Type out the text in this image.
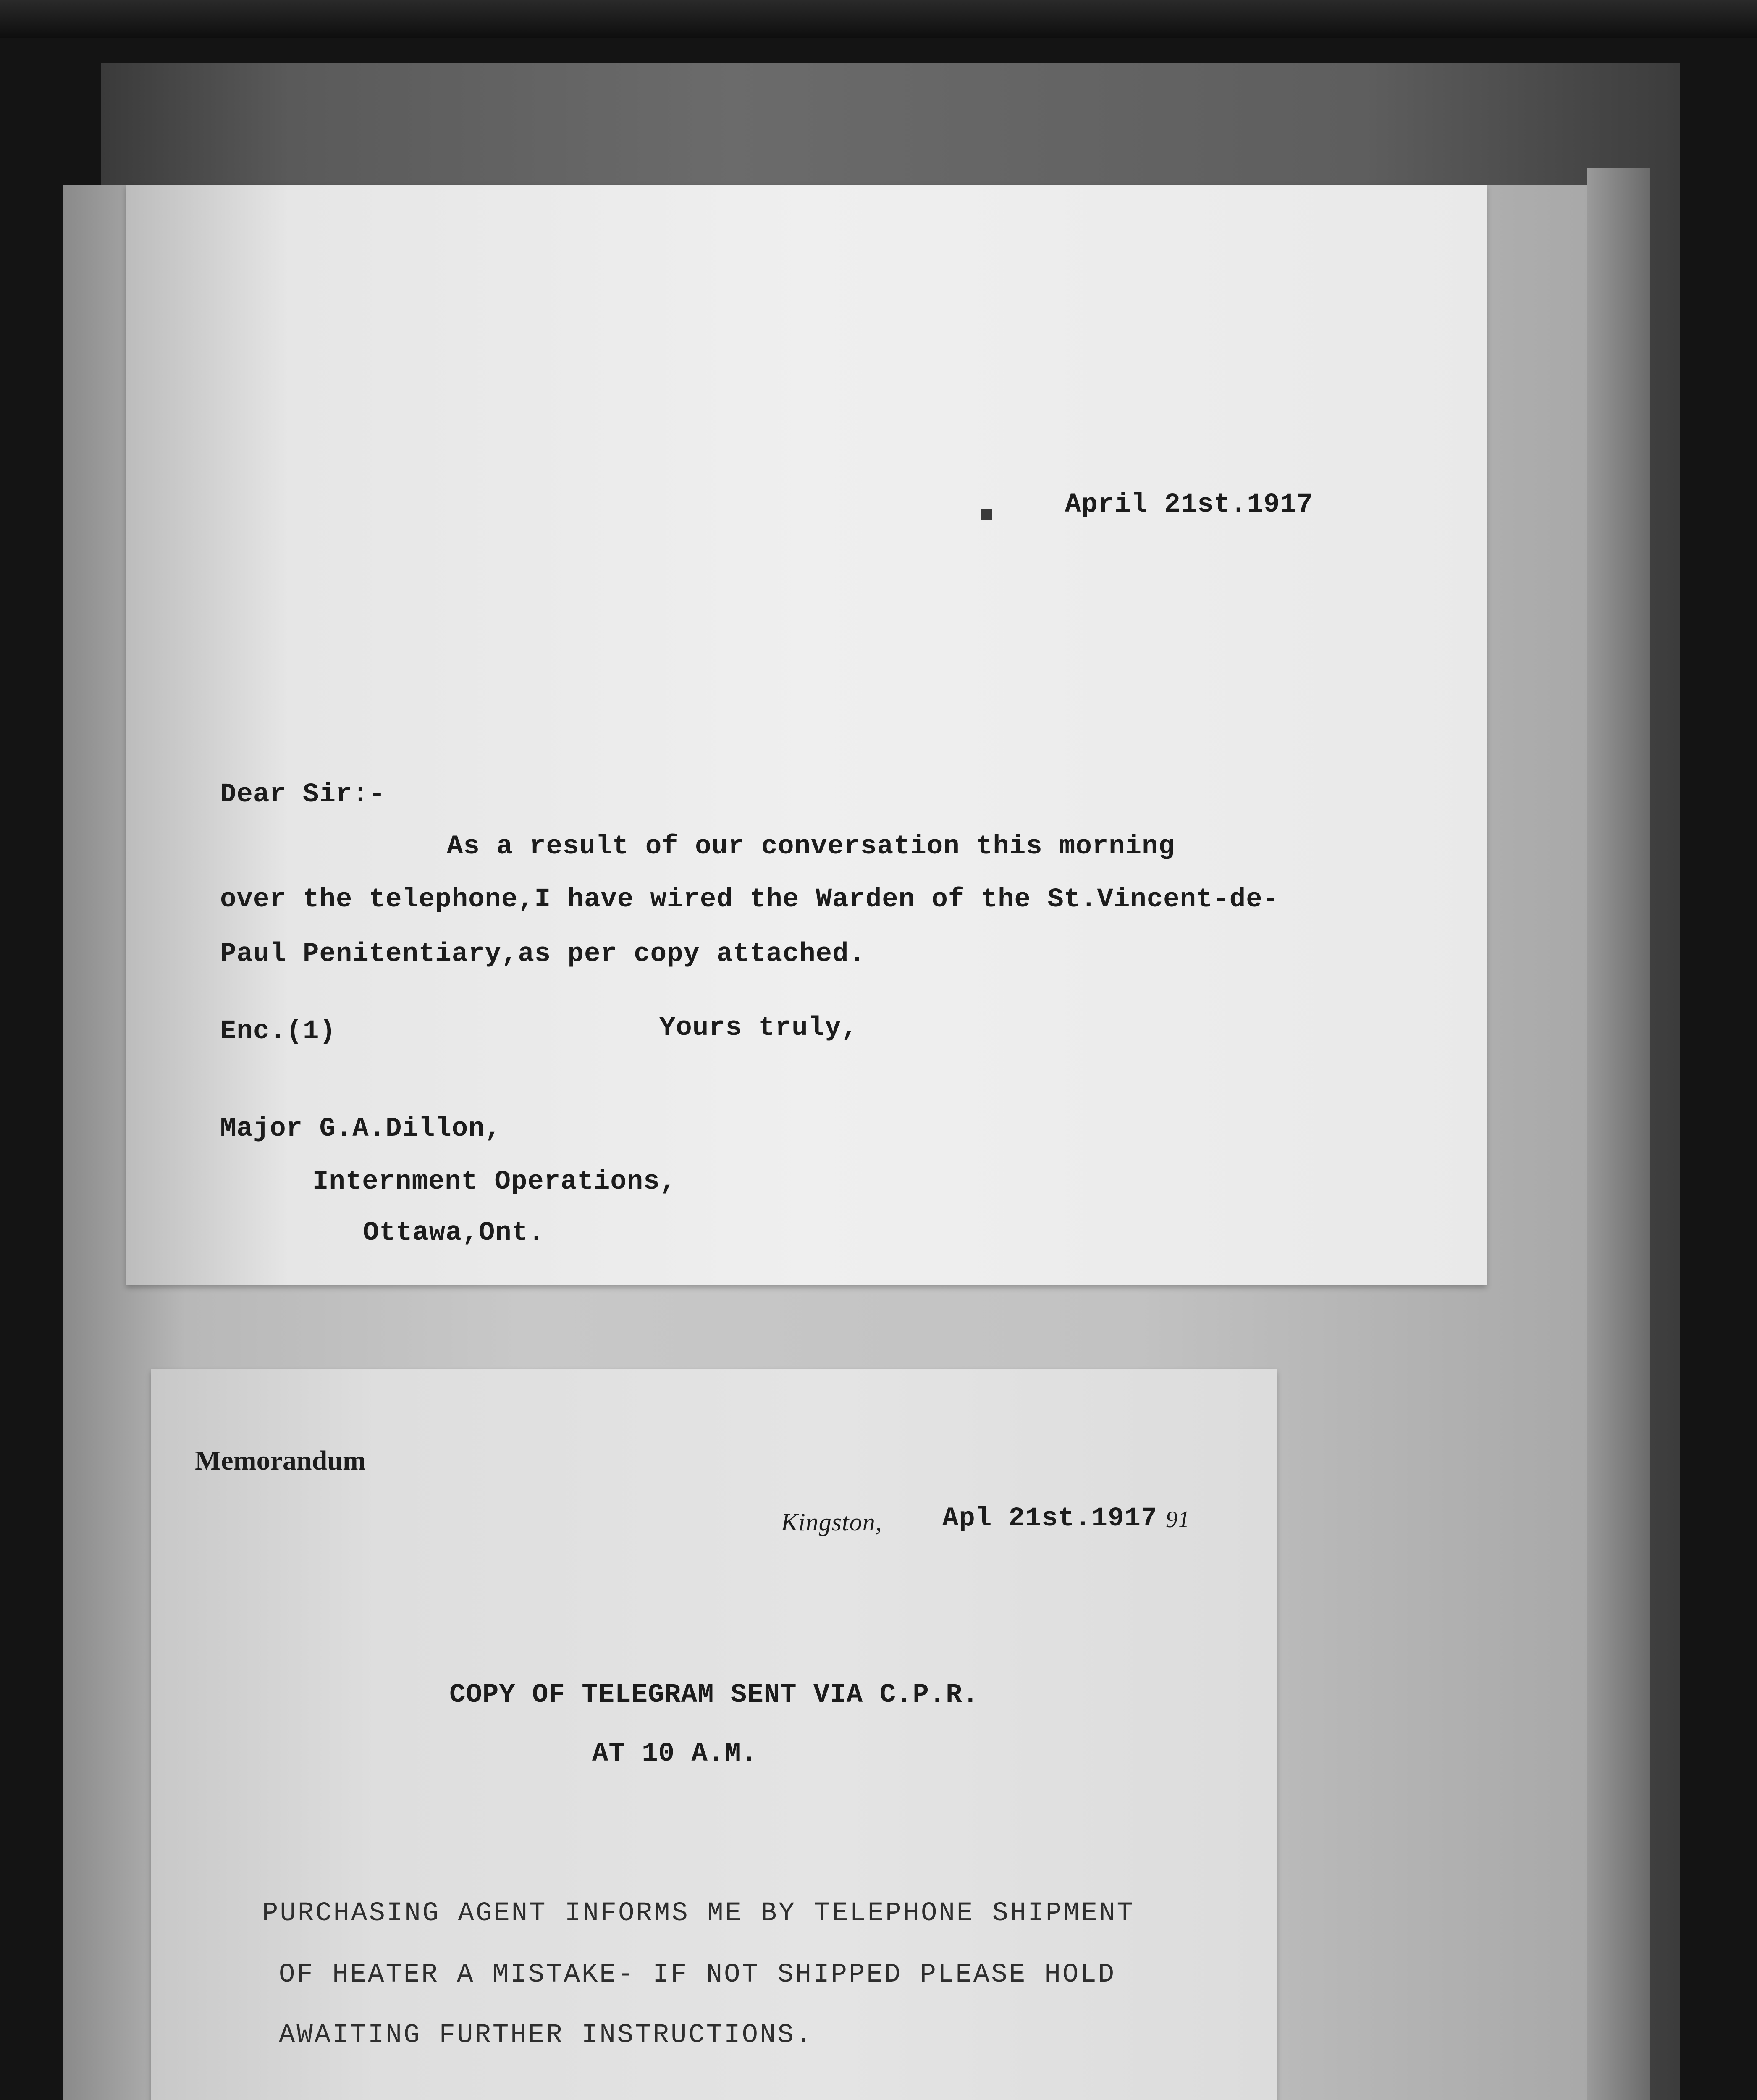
April 21st.1917
Dear Sir:-
As a result of our conversation this morning
over the telephone,I have wired the Warden of the St.Vincent-de-
Paul Penitentiary,as per copy attached.
Enc.(1)	Yours truly,
Major G.A.Dillon,
Internment Operations,
Ottawa,Ont.
Memorandum
Kingston, Apl 21st.1917 91
COPY OF TELEGRAM SENT VIA C.P.R.
AT 10 A.M.
PURCHASING AGENT INFORMS ME BY TELEPHONE SHIPMENT
OF HEATER A MISTAKE- IF NOT SHIPPED PLEASE HOLD
AWAITING FURTHER INSTRUCTIONS.
